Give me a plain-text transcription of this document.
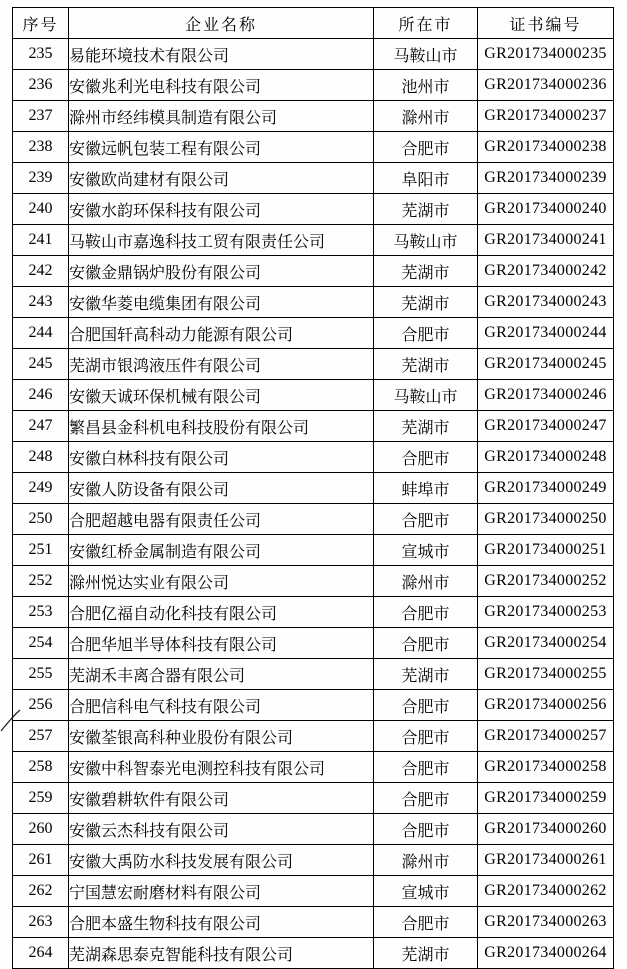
序号	企业名称	所在市	证书编号
235	易能环境技术有限公司	马鞍山市	GR201734000235
236	安徽兆利光电科技有限公司	池州市	GR201734000236
237	滁州市经纬模具制造有限公司	滁州市	GR201734000237
238	安徽远帆包装工程有限公司	合肥市	GR201734000238
239	安徽欧尚建材有限公司	阜阳市	GR201734000239
240	安徽水韵环保科技有限公司	芜湖市	GR201734000240
241	马鞍山市嘉逸科技工贸有限责任公司	马鞍山市	GR201734000241
242	安徽金鼎锅炉股份有限公司	芜湖市	GR201734000242
243	安徽华菱电缆集团有限公司	芜湖市	GR201734000243
244	合肥国轩高科动力能源有限公司	合肥市	GR201734000244
245	芜湖市银鸿液压件有限公司	芜湖市	GR201734000245
246	安徽天诚环保机械有限公司	马鞍山市	GR201734000246
247	繁昌县金科机电科技股份有限公司	芜湖市	GR201734000247
248	安徽白林科技有限公司	合肥市	GR201734000248
249	安徽人防设备有限公司	蚌埠市	GR201734000249
250	合肥超越电器有限责任公司	合肥市	GR201734000250
251	安徽红桥金属制造有限公司	宣城市	GR201734000251
252	滁州悦达实业有限公司	滁州市	GR201734000252
253	合肥亿福自动化科技有限公司	合肥市	GR201734000253
254	合肥华旭半导体科技有限公司	合肥市	GR201734000254
255	芜湖禾丰离合器有限公司	芜湖市	GR201734000255
256	合肥信科电气科技有限公司	合肥市	GR201734000256
257	安徽荃银高科种业股份有限公司	合肥市	GR201734000257
258	安徽中科智泰光电测控科技有限公司	合肥市	GR201734000258
259	安徽碧耕软件有限公司	合肥市	GR201734000259
260	安徽云杰科技有限公司	合肥市	GR201734000260
261	安徽大禹防水科技发展有限公司	滁州市	GR201734000261
262	宁国慧宏耐磨材料有限公司	宣城市	GR201734000262
263	合肥本盛生物科技有限公司	合肥市	GR201734000263
264	芜湖森思泰克智能科技有限公司	芜湖市	GR201734000264
